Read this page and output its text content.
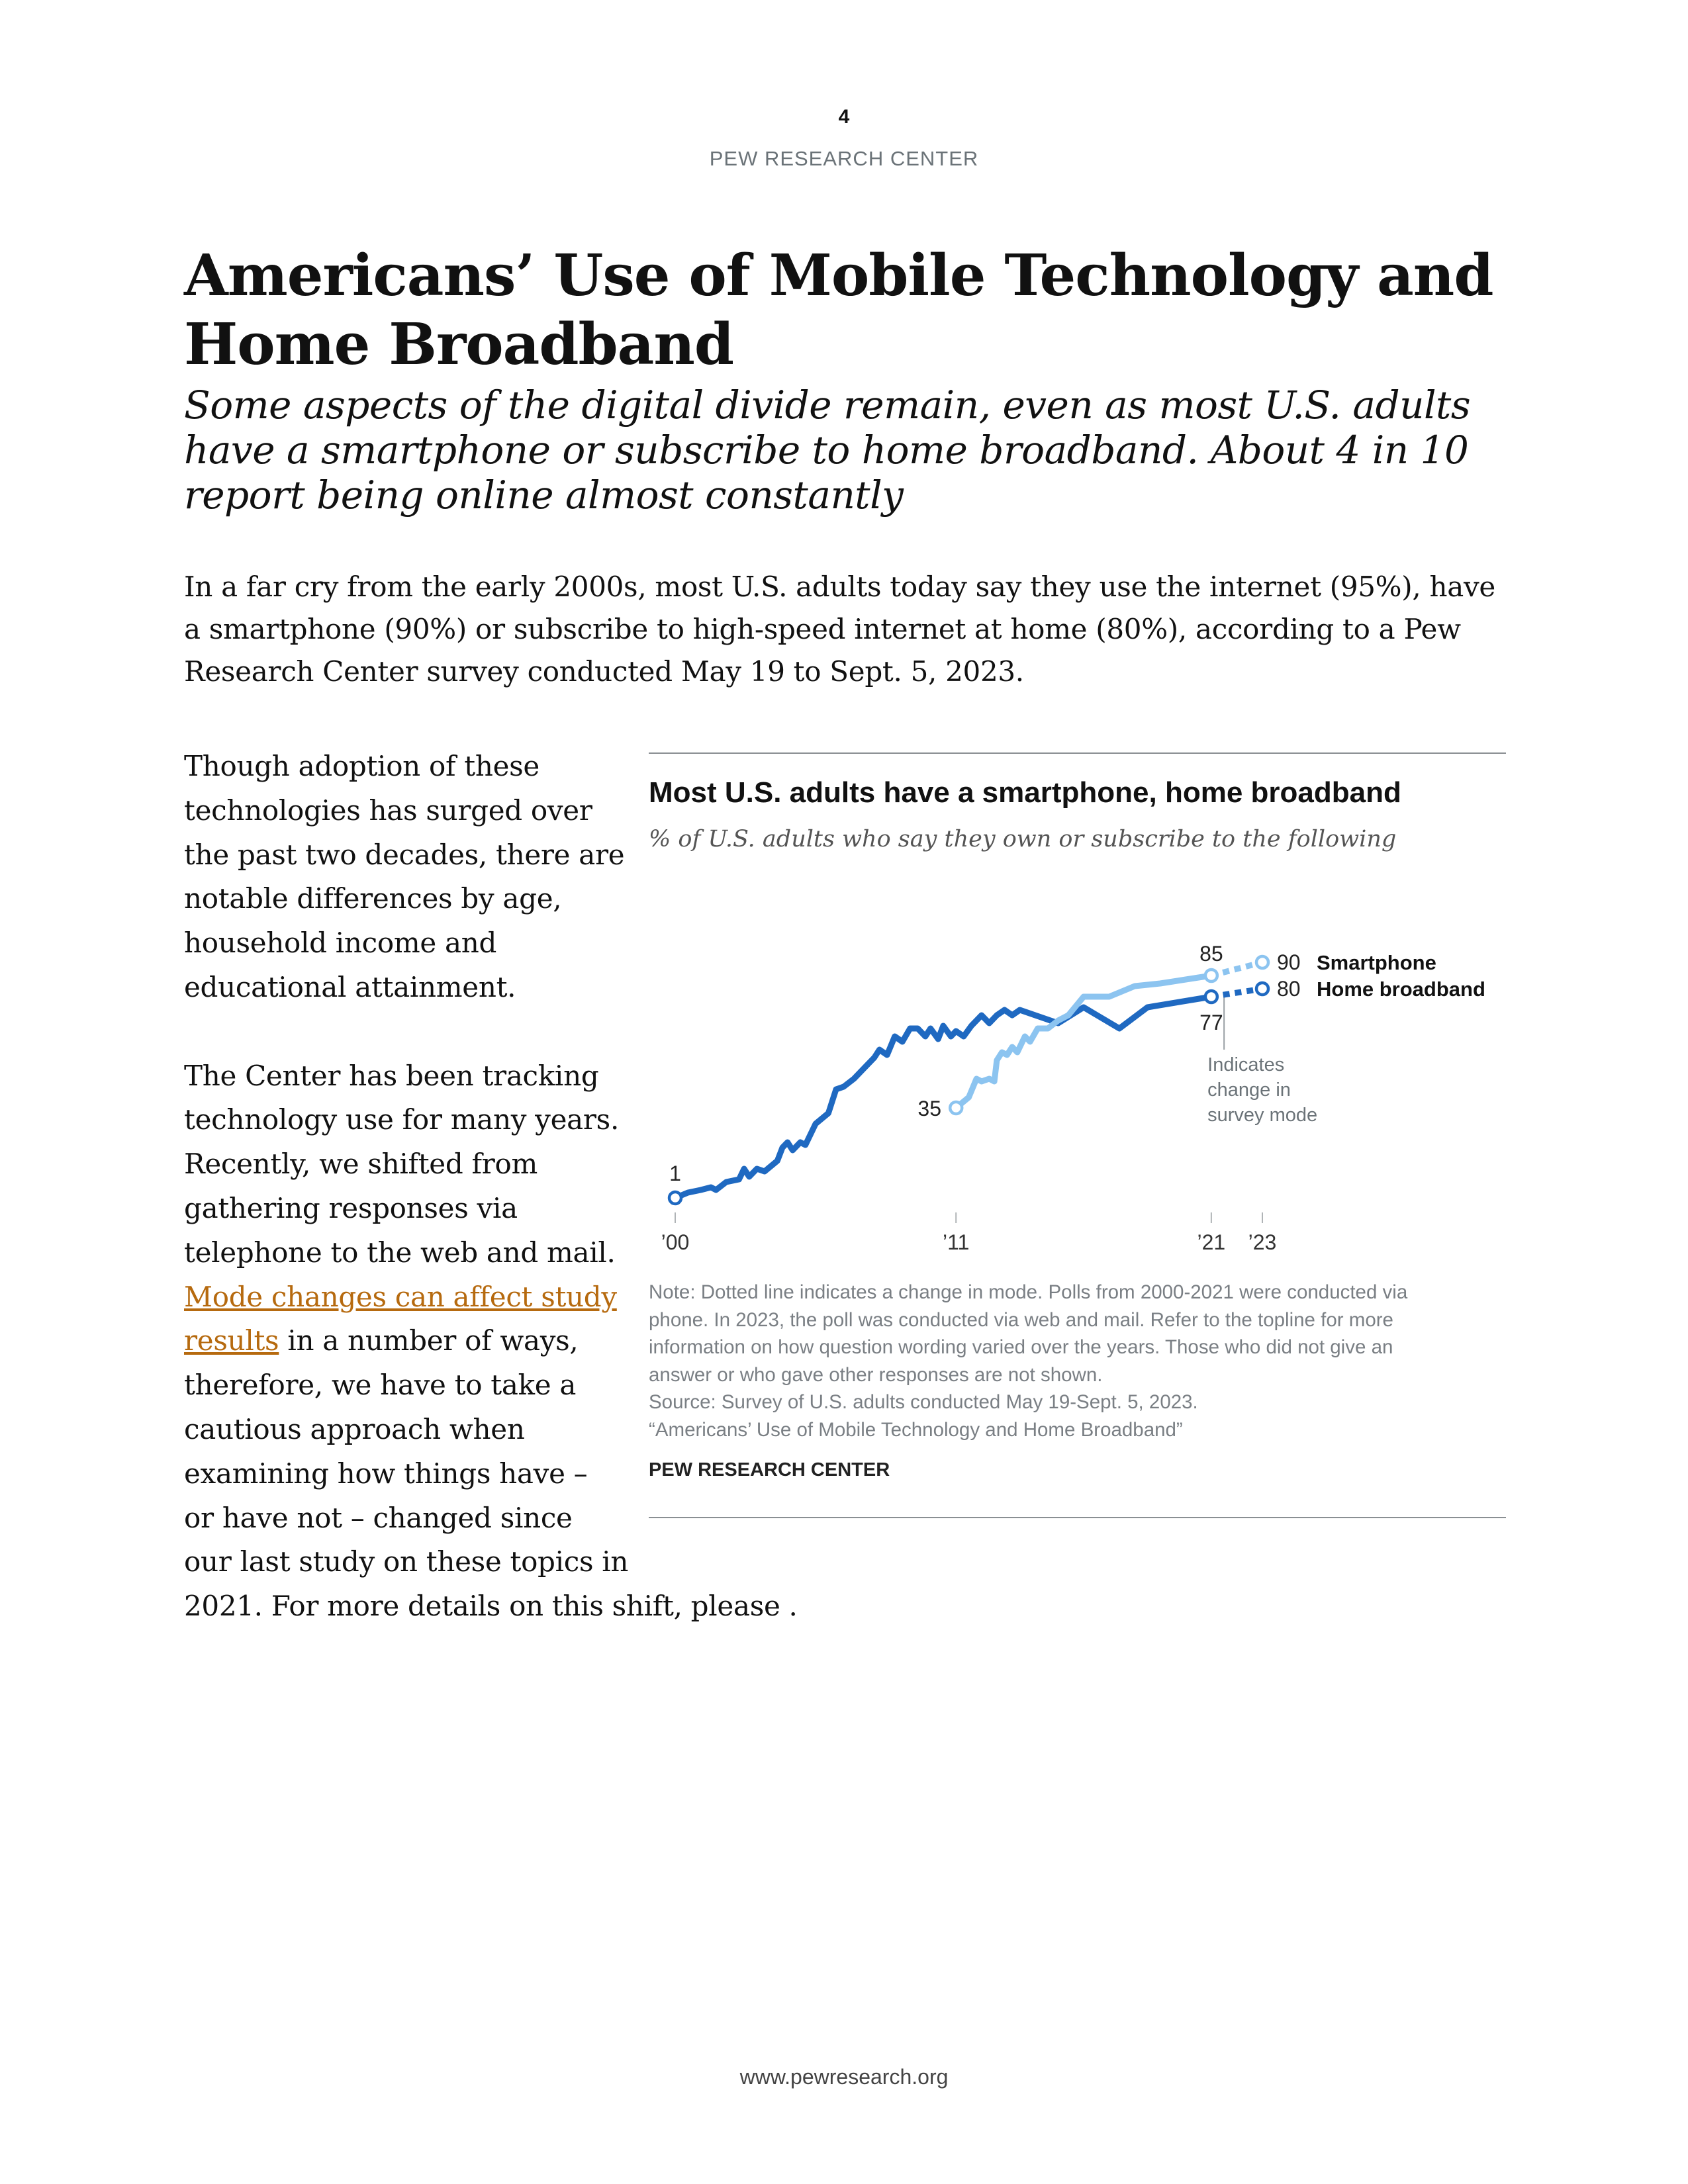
4
PEW RESEARCH CENTER
Americans’ Use of Mobile Technology and Home Broadband
Some aspects of the digital divide remain, even as most U.S. adults have a smartphone or subscribe to home broadband. About 4 in 10 report being online almost constantly
In a far cry from the early 2000s, most U.S. adults today say they use the internet (95%), have a smartphone (90%) or subscribe to high-speed internet at home (80%), according to a Pew Research Center survey conducted May 19 to Sept. 5, 2023.

Though adoption of these
technologies has surged over
the past two decades, there are
notable differences by age,
household income and
educational attainment.

The Center has been tracking
technology use for many years.
Recently, we shifted from
gathering responses via
telephone to the web and mail.
Mode changes can affect study
results in a number of ways,
therefore, we have to take a
cautious approach when
examining how things have –
or have not – changed since
our last study on these topics in
2021. For more details on this shift, please .

Most U.S. adults have a smartphone, home broadband
% of U.S. adults who say they own or subscribe to the following
’00	’11	’21 ’23
Indicates
change in
survey mode
1
35
85
77
90
80
Smartphone
Home broadband
Note: Dotted line indicates a change in mode. Polls from 2000-2021 were conducted via
phone. In 2023, the poll was conducted via web and mail. Refer to the topline for more
information on how question wording varied over the years. Those who did not give an
answer or who gave other responses are not shown.
Source: Survey of U.S. adults conducted May 19-Sept. 5, 2023.
“Americans’ Use of Mobile Technology and Home Broadband”
PEW RESEARCH CENTER
www.pewresearch.org
